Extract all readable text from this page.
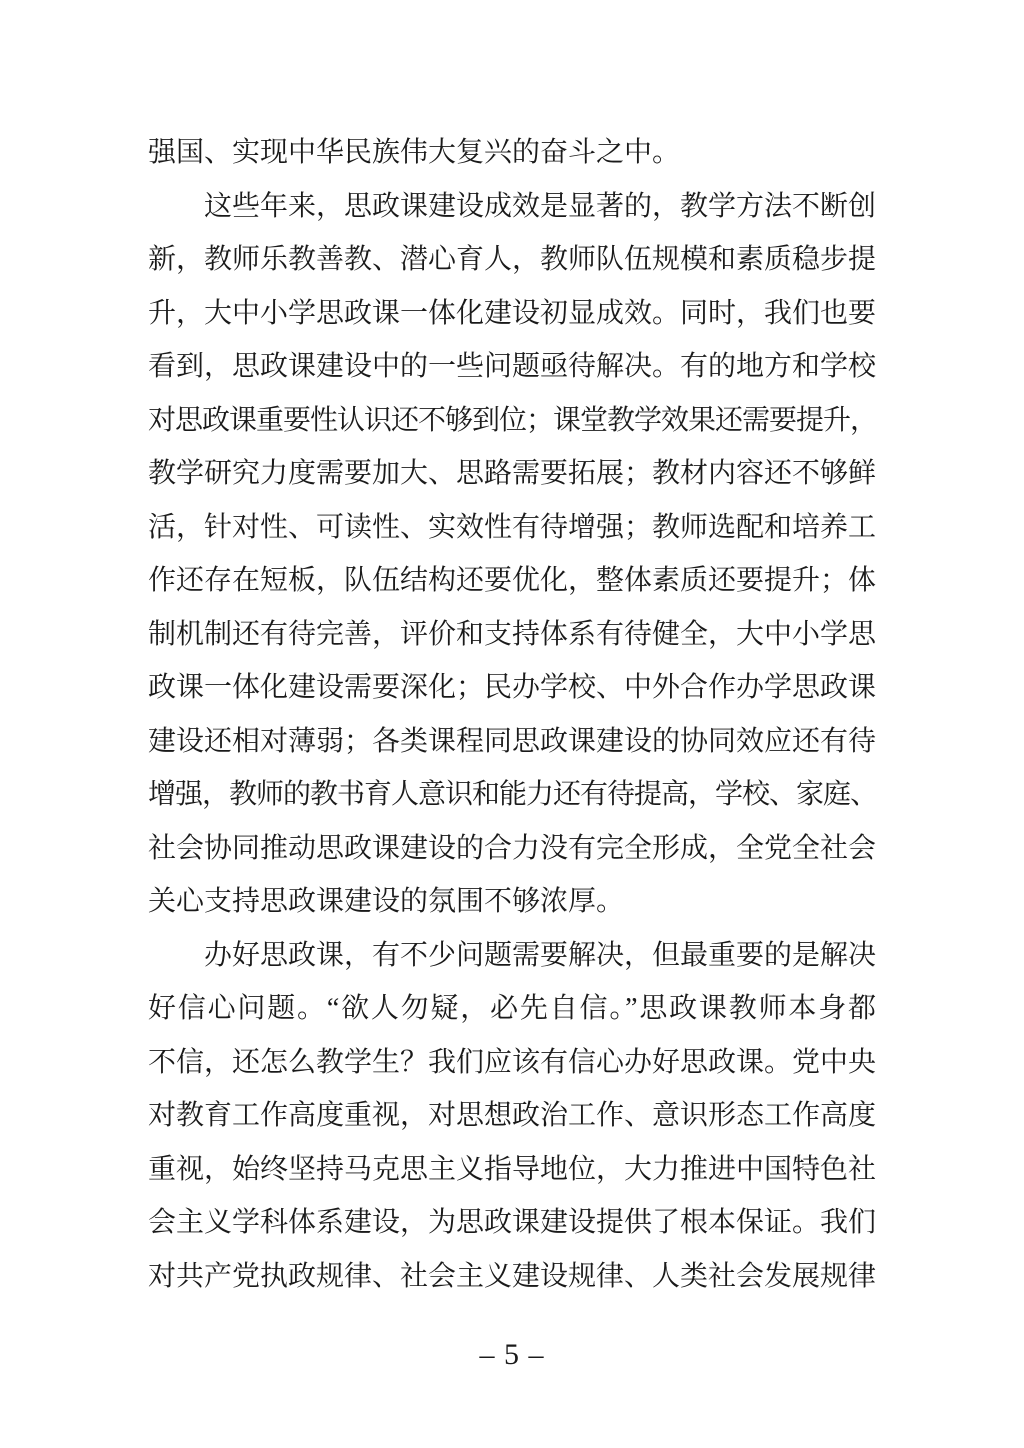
强国、实现中华民族伟大复兴的奋斗之中。
这些年来，思政课建设成效是显著的，教学方法不断创
新，教师乐教善教、潜心育人，教师队伍规模和素质稳步提
升，大中小学思政课一体化建设初显成效。同时，我们也要
看到，思政课建设中的一些问题亟待解决。有的地方和学校
对思政课重要性认识还不够到位；课堂教学效果还需要提升，
教学研究力度需要加大、思路需要拓展；教材内容还不够鲜
活，针对性、可读性、实效性有待增强；教师选配和培养工
作还存在短板，队伍结构还要优化，整体素质还要提升；体
制机制还有待完善，评价和支持体系有待健全，大中小学思
政课一体化建设需要深化；民办学校、中外合作办学思政课
建设还相对薄弱；各类课程同思政课建设的协同效应还有待
增强，教师的教书育人意识和能力还有待提高，学校、家庭、
社会协同推动思政课建设的合力没有完全形成，全党全社会
关心支持思政课建设的氛围不够浓厚。
办好思政课，有不少问题需要解决，但最重要的是解决
好信心问题。“欲人勿疑，必先自信。”思政课教师本身都
不信，还怎么教学生？我们应该有信心办好思政课。党中央
对教育工作高度重视，对思想政治工作、意识形态工作高度
重视，始终坚持马克思主义指导地位，大力推进中国特色社
会主义学科体系建设，为思政课建设提供了根本保证。我们
对共产党执政规律、社会主义建设规律、人类社会发展规律
– 5 –
